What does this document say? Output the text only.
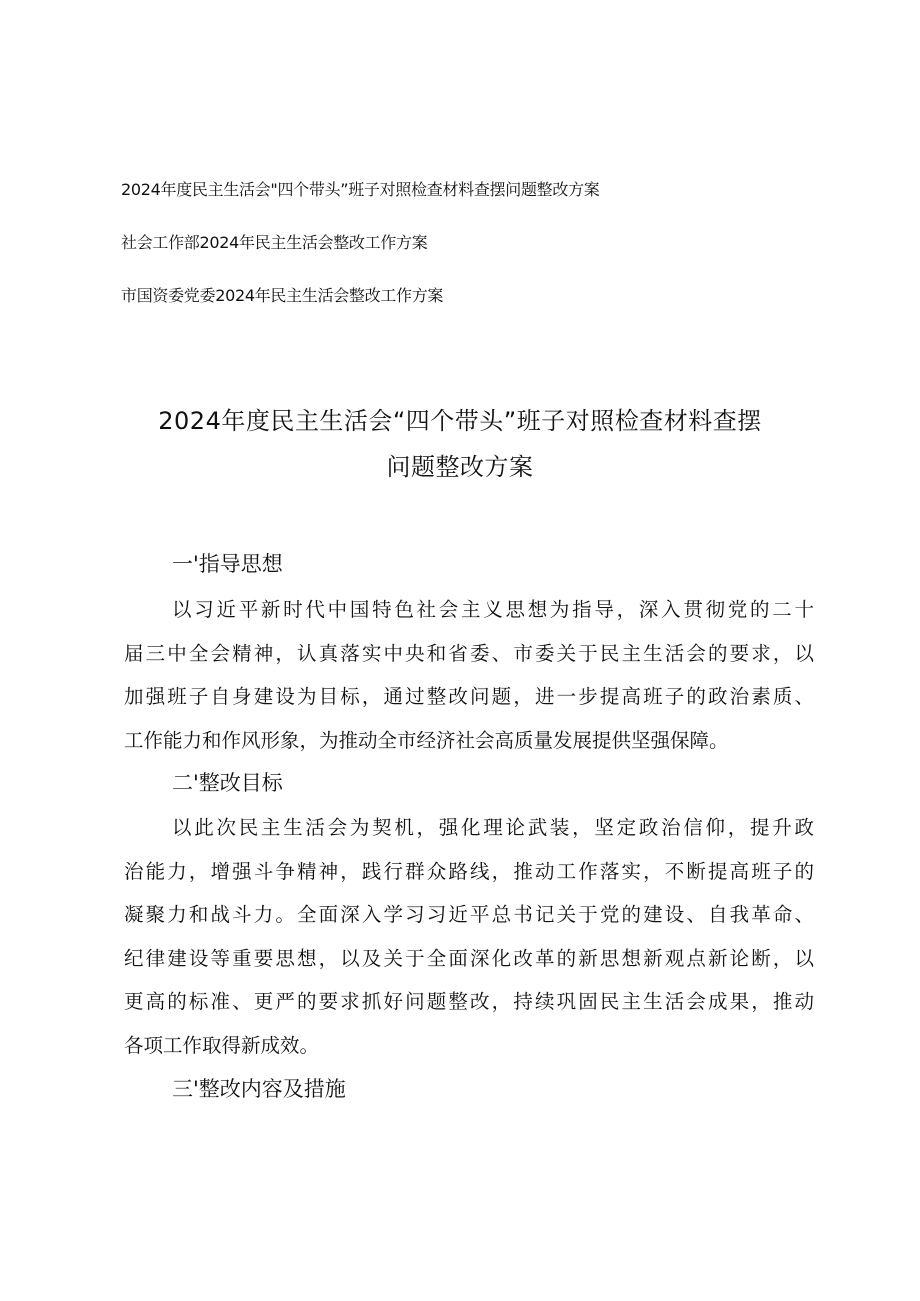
2024年度民主生活会"四个带头”班子对照检查材料查摆问题整改方案
社会工作部2024年民主生活会整改工作方案
市国资委党委2024年民主生活会整改工作方案
2024年度民主生活会“四个带头”班子对照检查材料查摆
问题整改方案
一'指导思想
以习近平新时代中国特色社会主义思想为指导，深入贯彻党的二十
届三中全会精神，认真落实中央和省委、市委关于民主生活会的要求，以
加强班子自身建设为目标，通过整改问题，进一步提高班子的政治素质、
工作能力和作风形象，为推动全市经济社会高质量发展提供坚强保障。
二'整改目标
以此次民主生活会为契机，强化理论武装，坚定政治信仰，提升政
治能力，增强斗争精神，践行群众路线，推动工作落实，不断提高班子的
凝聚力和战斗力。全面深入学习习近平总书记关于党的建设、自我革命、
纪律建设等重要思想，以及关于全面深化改革的新思想新观点新论断，以
更高的标准、更严的要求抓好问题整改，持续巩固民主生活会成果，推动
各项工作取得新成效。
三'整改内容及措施
